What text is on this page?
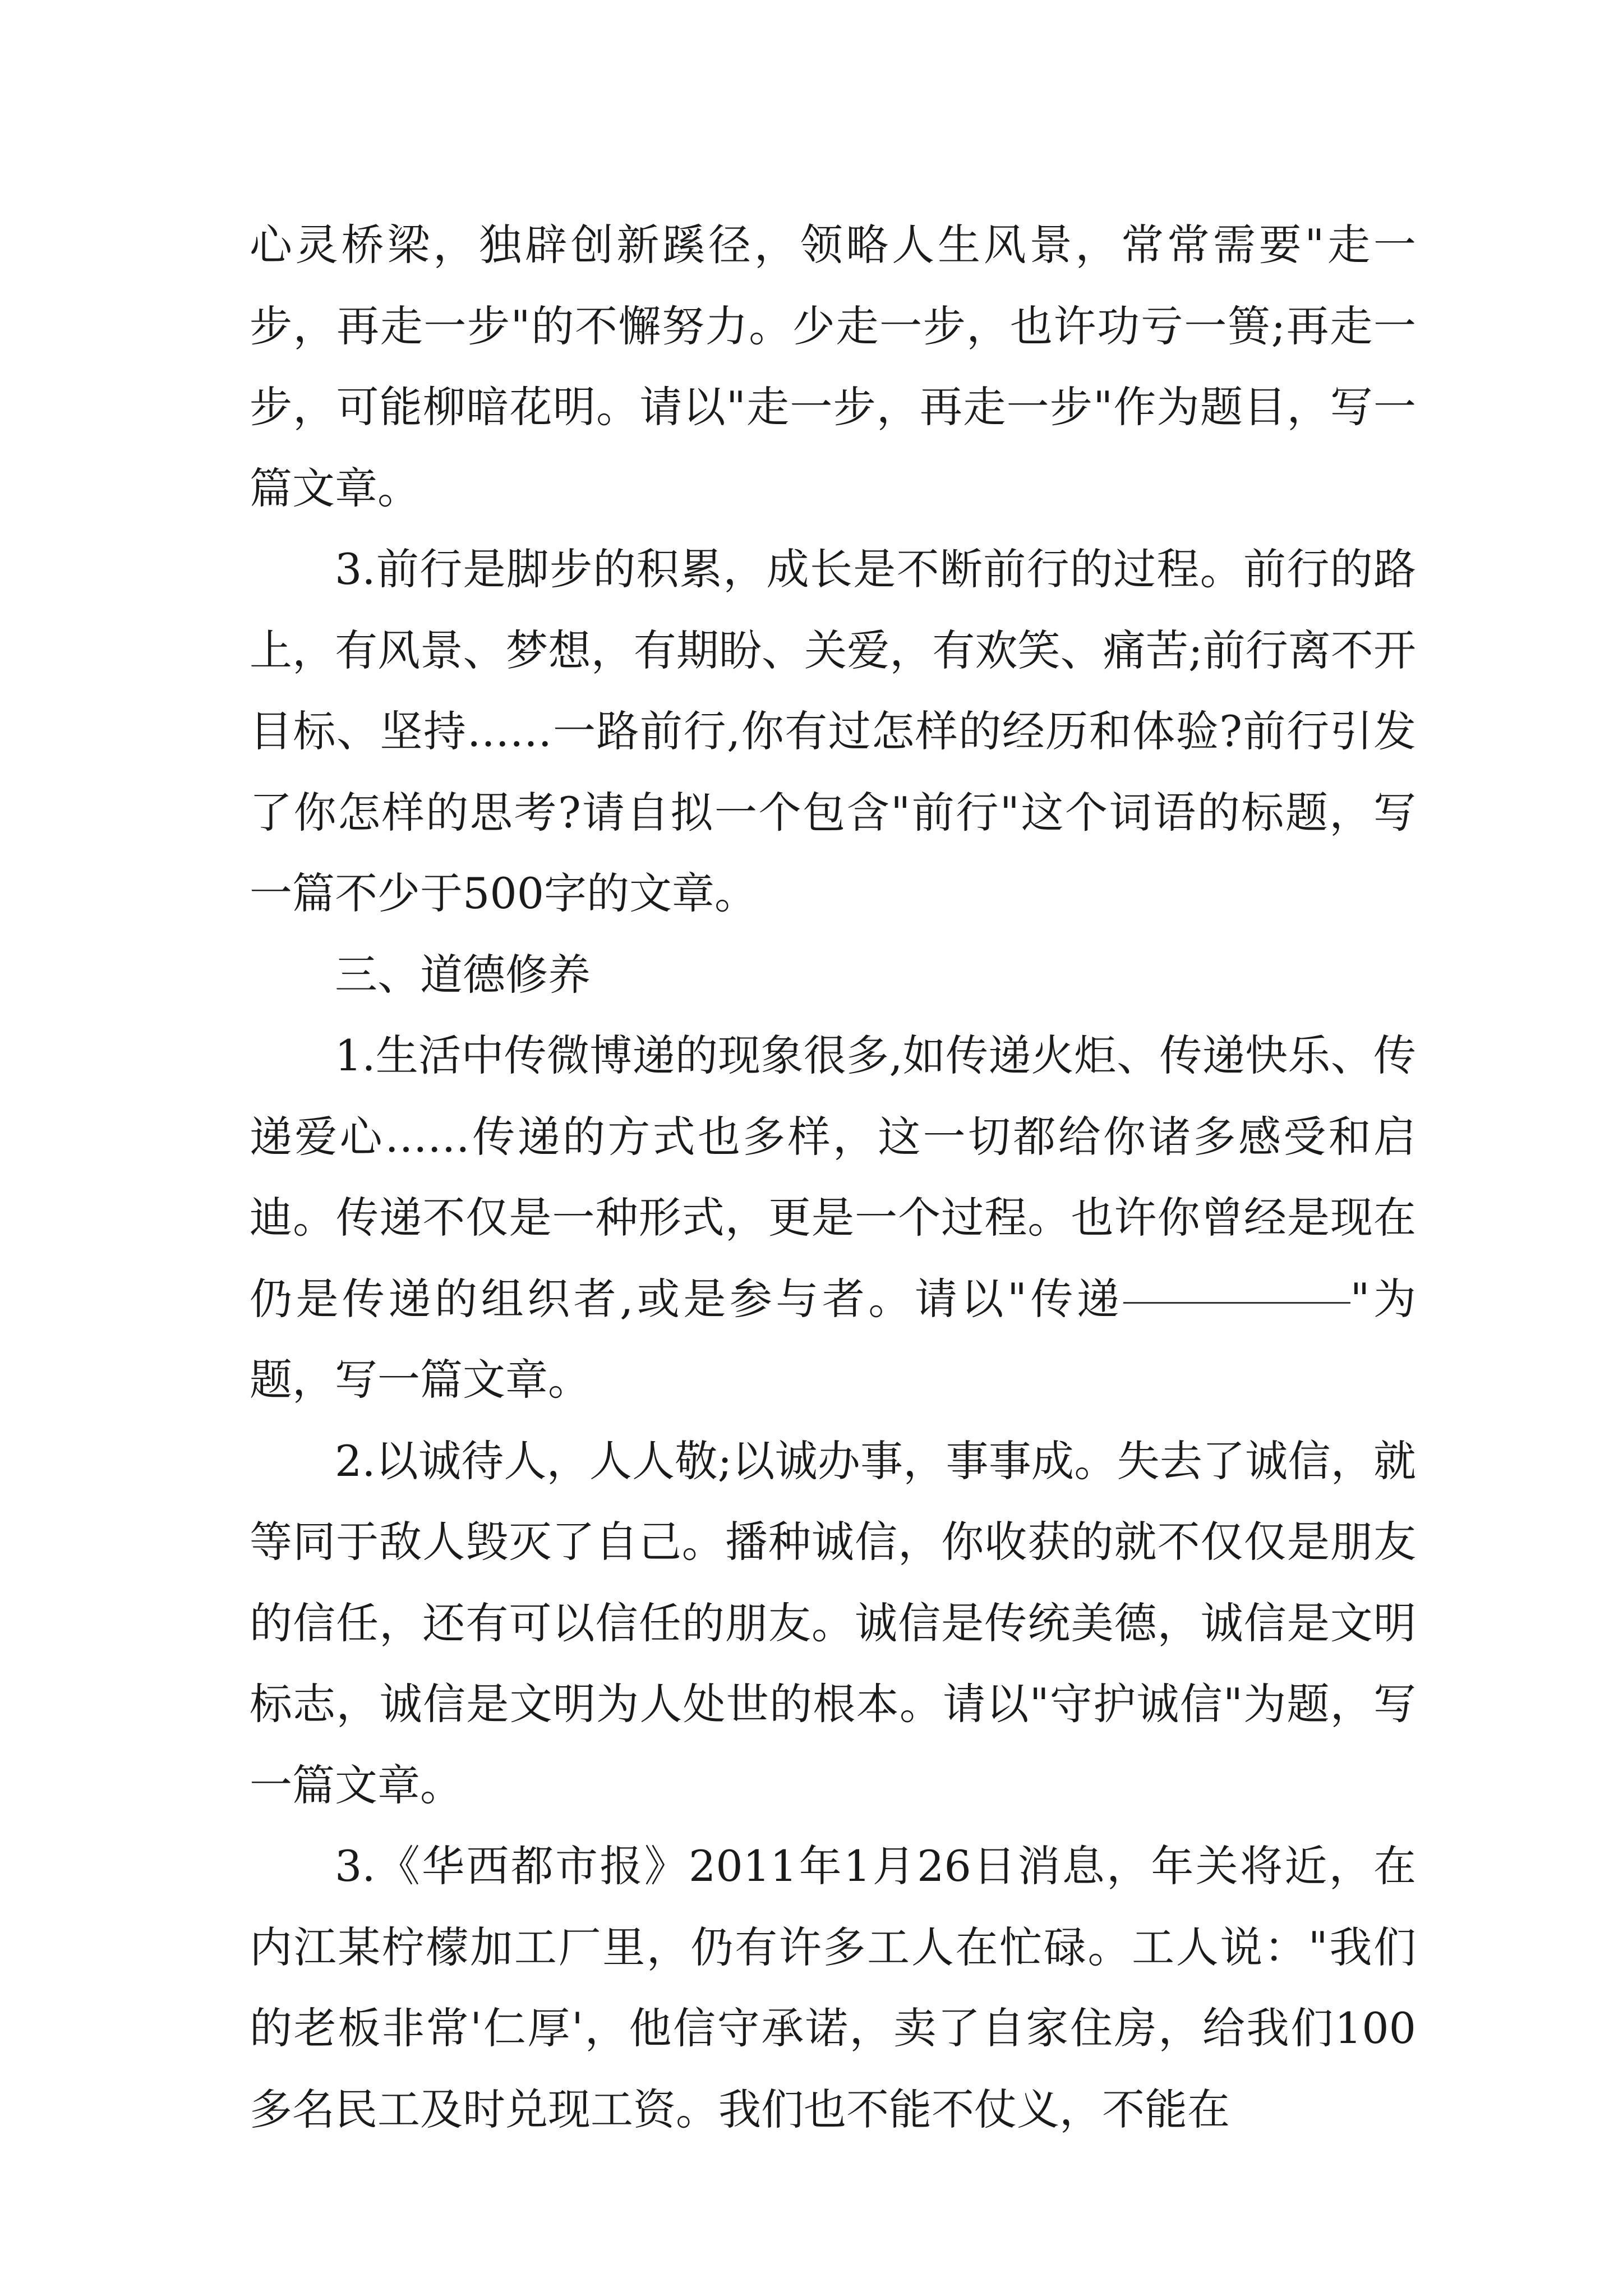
心灵桥梁，独辟创新蹊径，领略人生风景，常常需要"走一步，再走一步"的不懈努力。少走一步，也许功亏一篑;再走一步，可能柳暗花明。请以"走一步，再走一步"作为题目，写一篇文章。

3.前行是脚步的积累，成长是不断前行的过程。前行的路上，有风景、梦想，有期盼、关爱，有欢笑、痛苦;前行离不开目标、坚持……一路前行,你有过怎样的经历和体验?前行引发了你怎样的思考?请自拟一个包含"前行"这个词语的标题，写一篇不少于500字的文章。

三、道德修养

1.生活中传微博递的现象很多,如传递火炬、传递快乐、传递爱心……传递的方式也多样，这一切都给你诸多感受和启迪。传递不仅是一种形式，更是一个过程。也许你曾经是现在仍是传递的组织者,或是参与者。请以"传递	"为题，写一篇文章。

2.以诚待人，人人敬;以诚办事，事事成。失去了诚信，就等同于敌人毁灭了自己。播种诚信，你收获的就不仅仅是朋友的信任，还有可以信任的朋友。诚信是传统美德，诚信是文明标志，诚信是文明为人处世的根本。请以"守护诚信"为题，写一篇文章。

3.《华西都市报》2011年1月26日消息，年关将近，在内江某柠檬加工厂里，仍有许多工人在忙碌。工人说："我们的老板非常'仁厚'，他信守承诺，卖了自家住房，给我们100多名民工及时兑现工资。我们也不能不仗义，不能在
